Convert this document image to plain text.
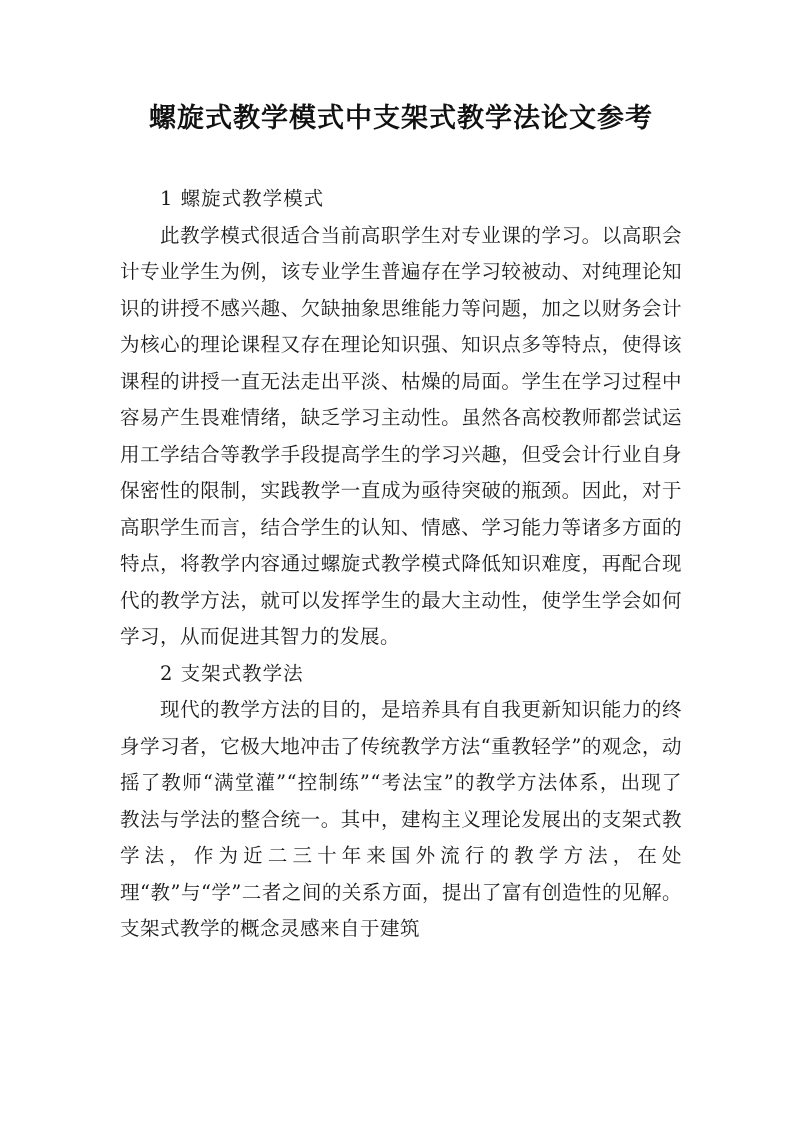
螺旋式教学模式中支架式教学法论文参考

1 螺旋式教学模式

此教学模式很适合当前高职学生对专业课的学习。以高职会计专业学生为例，该专业学生普遍存在学习较被动、对纯理论知识的讲授不感兴趣、欠缺抽象思维能力等问题，加之以财务会计为核心的理论课程又存在理论知识强、知识点多等特点，使得该课程的讲授一直无法走出平淡、枯燥的局面。学生在学习过程中容易产生畏难情绪，缺乏学习主动性。虽然各高校教师都尝试运用工学结合等教学手段提高学生的学习兴趣，但受会计行业自身保密性的限制，实践教学一直成为亟待突破的瓶颈。因此，对于高职学生而言，结合学生的认知、情感、学习能力等诸多方面的特点，将教学内容通过螺旋式教学模式降低知识难度，再配合现代的教学方法，就可以发挥学生的最大主动性，使学生学会如何学习，从而促进其智力的发展。

2 支架式教学法

现代的教学方法的目的，是培养具有自我更新知识能力的终身学习者，它极大地冲击了传统教学方法“重教轻学”的观念，动摇了教师“满堂灌”“控制练”“考法宝”的教学方法体系，出现了教法与学法的整合统一。其中，建构主义理论发展出的支架式教学法，作为近二三十年来国外流行的教学方法，在处理“教”与“学”二者之间的关系方面，提出了富有创造性的见解。支架式教学的概念灵感来自于建筑
